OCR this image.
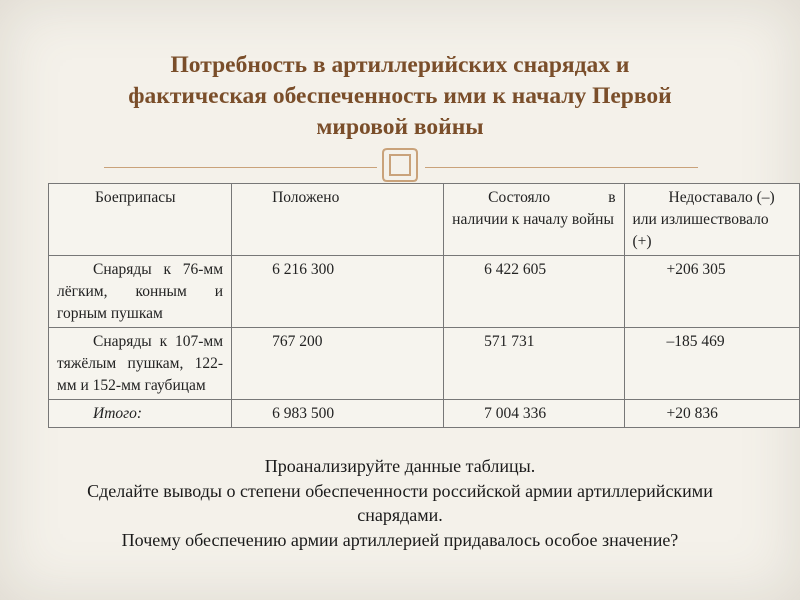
Потребность в артиллерийских снарядах и
фактическая обеспеченность ими к началу Первой
мировой войны
Боеприпасы	Положено	Состояло в наличии к началу войны	Недоставало (–) или излишествовало (+)
Снаряды к 76-мм лёгким, конным и горным пушкам	6 216 300	6 422 605	+206 305
Снаряды к 107-мм тяжёлым пушкам, 122-мм и 152-мм гаубицам	767 200	571 731	–185 469
Итого:	6 983 500	7 004 336	+20 836
Проанализируйте данные таблицы.
Сделайте выводы о степени обеспеченности российской армии артиллерийскими снарядами.
Почему обеспечению армии артиллерией придавалось особое значение?
